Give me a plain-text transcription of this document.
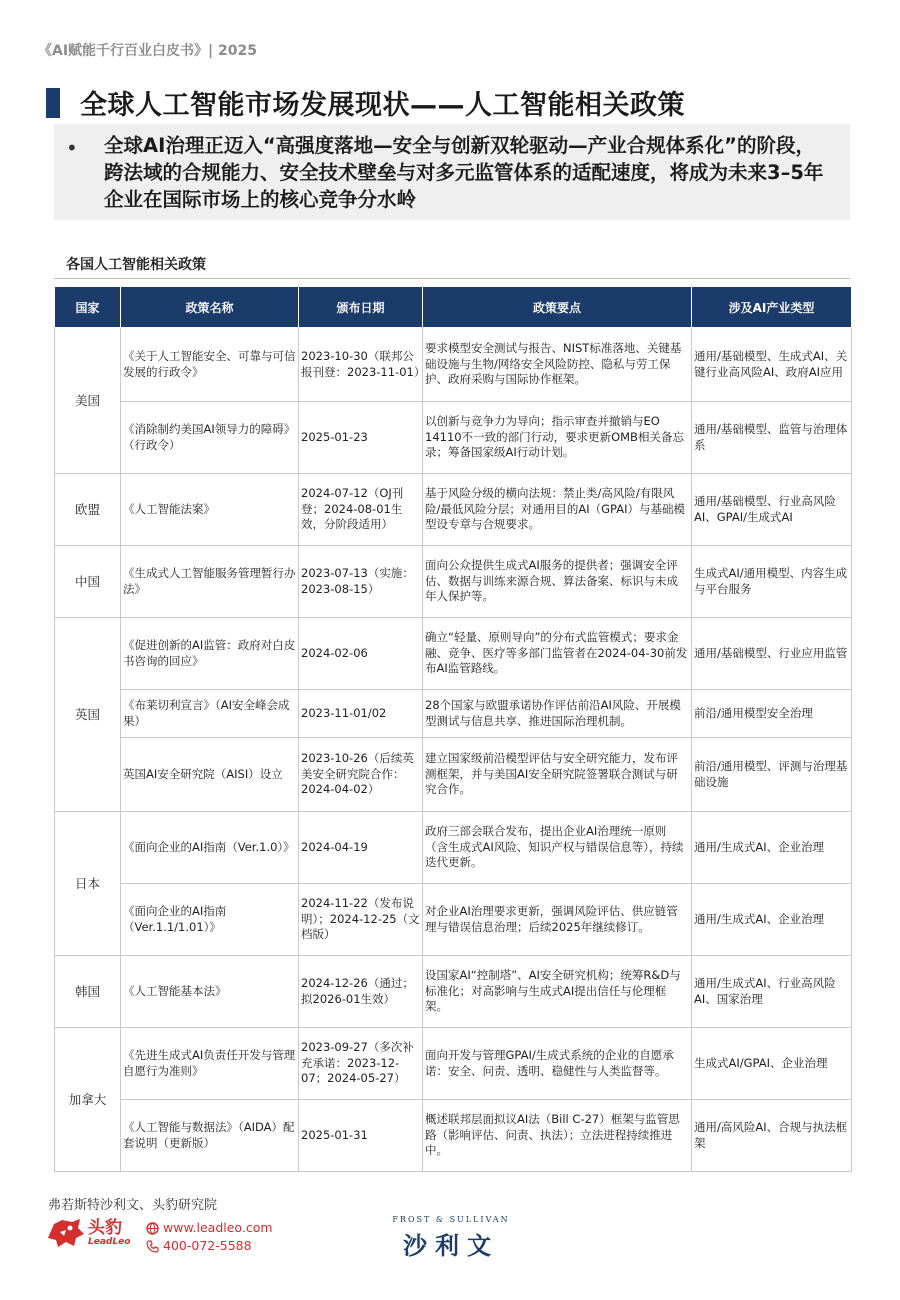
《AI赋能千行百业白皮书》| 2025
全球人工智能市场发展现状——人工智能相关政策
• 全球AI治理正迈入“高强度落地—安全与创新双轮驱动—产业合规体系化”的阶段，跨法域的合规能力、安全技术壁垒与对多元监管体系的适配速度，将成为未来3–5年企业在国际市场上的核心竞争分水岭
各国人工智能相关政策
国家	政策名称	颁布日期	政策要点	涉及AI产业类型
美国	《关于人工智能安全、可靠与可信发展的行政令》	2023-10-30（联邦公报刊登：2023-11-01）	要求模型安全测试与报告、NIST标准落地、关键基础设施与生物/网络安全风险防控、隐私与劳工保护、政府采购与国际协作框架。	通用/基础模型、生成式AI、关键行业高风险AI、政府AI应用
	《消除制约美国AI领导力的障碍》（行政令）	2025-01-23	以创新与竞争力为导向；指示审查并撤销与EO 14110不一致的部门行动，要求更新OMB相关备忘录；筹备国家级AI行动计划。	通用/基础模型、监管与治理体系
欧盟	《人工智能法案》	2024-07-12（OJ刊登；2024-08-01生效，分阶段适用）	基于风险分级的横向法规：禁止类/高风险/有限风险/最低风险分层；对通用目的AI（GPAI）与基础模型设专章与合规要求。	通用/基础模型、行业高风险AI、GPAI/生成式AI
中国	《生成式人工智能服务管理暂行办法》	2023-07-13（实施：2023-08-15）	面向公众提供生成式AI服务的提供者；强调安全评估、数据与训练来源合规、算法备案、标识与未成年人保护等。	生成式AI/通用模型、内容生成与平台服务
英国	《促进创新的AI监管：政府对白皮书咨询的回应》	2024-02-06	确立“轻量、原则导向”的分布式监管模式；要求金融、竞争、医疗等多部门监管者在2024-04-30前发布AI监管路线。	通用/基础模型、行业应用监管
	《布莱切利宣言》（AI安全峰会成果）	2023-11-01/02	28个国家与欧盟承诺协作评估前沿AI风险、开展模型测试与信息共享、推进国际治理机制。	前沿/通用模型安全治理
	英国AI安全研究院（AISI）设立	2023-10-26（后续英美安全研究院合作：2024-04-02）	建立国家级前沿模型评估与安全研究能力，发布评测框架，并与美国AI安全研究院签署联合测试与研究合作。	前沿/通用模型、评测与治理基础设施
日本	《面向企业的AI指南（Ver.1.0）》	2024-04-19	政府三部会联合发布，提出企业AI治理统一原则（含生成式AI风险、知识产权与错误信息等），持续迭代更新。	通用/生成式AI、企业治理
	《面向企业的AI指南（Ver.1.1/1.01）》	2024-11-22（发布说明）；2024-12-25（文档版）	对企业AI治理要求更新，强调风险评估、供应链管理与错误信息治理；后续2025年继续修订。	通用/生成式AI、企业治理
韩国	《人工智能基本法》	2024-12-26（通过；拟2026-01生效）	设国家AI“控制塔”、AI安全研究机构；统筹R&D与标准化；对高影响与生成式AI提出信任与伦理框架。	通用/生成式AI、行业高风险AI、国家治理
加拿大	《先进生成式AI负责任开发与管理自愿行为准则》	2023-09-27（多次补充承诺：2023-12-07；2024-05-27）	面向开发与管理GPAI/生成式系统的企业的自愿承诺：安全、问责、透明、稳健性与人类监督等。	生成式AI/GPAI、企业治理
	《人工智能与数据法》（AIDA）配套说明（更新版）	2025-01-31	概述联邦层面拟议AI法（Bill C-27）框架与监管思路（影响评估、问责、执法）；立法进程持续推进中。	通用/高风险AI、合规与执法框架
弗若斯特沙利文、头豹研究院
头豹
LeadLeo
www.leadleo.com
400-072-5588
FROST & SULLIVAN
沙利文
